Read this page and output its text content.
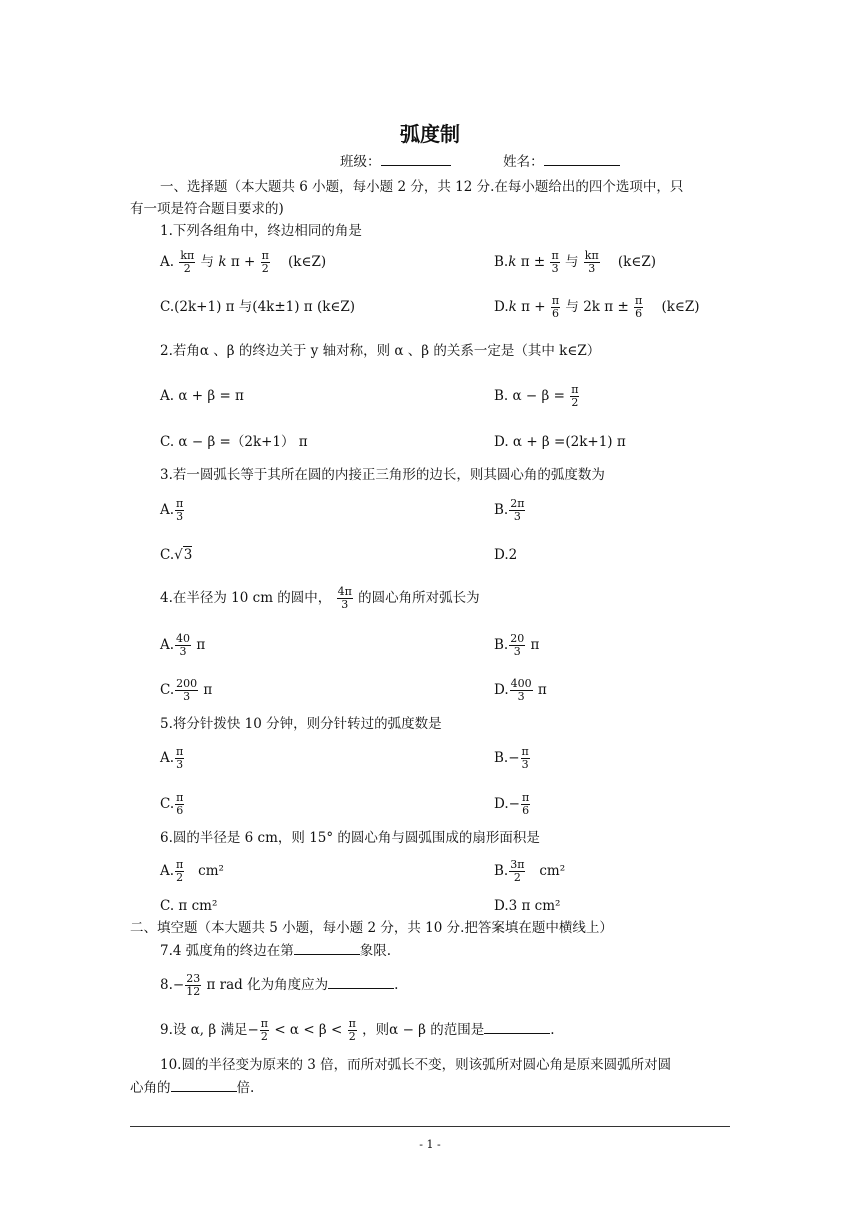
弧度制
班级：	姓名：
一、选择题（本大题共 6 小题，每小题 2 分，共 12 分.在每小题给出的四个选项中，只
有一项是符合题目要求的)
1.下列各组角中，终边相同的角是
A. $\frac{k\pi}{2}$ 与 k $\pi + \frac{\pi}{2}$ (k∈Z)	B.k $\pi \pm \frac{\pi}{3}$ 与 $\frac{k\pi}{3}$ (k∈Z)
C.(2k+1) π 与(4k±1) π (k∈Z)	D.k $\pi + \frac{\pi}{6}$ 与 2k $\pi \pm \frac{\pi}{6}$ (k∈Z)
2.若角α 、β 的终边关于 y 轴对称，则 α 、β 的关系一定是（其中 k∈Z）
A. α + β = π	B. $\alpha - \beta = \frac{\pi}{2}$
C. α − β =（2k+1） π	D. α + β =(2k+1) π
3.若一圆弧长等于其所在圆的内接正三角形的边长，则其圆心角的弧度数为
A. $\frac{\pi}{3}$	B. $\frac{2\pi}{3}$
C.√3	D.2
4.在半径为 10 cm 的圆中， $\frac{4\pi}{3}$ 的圆心角所对弧长为
A. $\frac{40}{3}$ π	B. $\frac{20}{3}$ π
C. $\frac{200}{3}$ π	D. $\frac{400}{3}$ π
5.将分针拨快 10 分钟，则分针转过的弧度数是
A. $\frac{\pi}{3}$	$B.- \frac{\pi}{3}$
C. $\frac{\pi}{6}$	$D.- \frac{\pi}{6}$
6.圆的半径是 6 cm，则 15° 的圆心角与圆弧围成的扇形面积是
A. $\frac{\pi}{2} cm^2$	B. $\frac{3\pi}{2} cm^2$
C. π cm²	D.3 π cm²
二、填空题（本大题共 5 小题，每小题 2 分，共 10 分.把答案填在题中横线上）
7.4 弧度角的终边在第	象限.
$8.- \frac{23}{12}$ π rad 化为角度应为	.
9.设 α, β 满足− $\frac{\pi}{2} < \alpha < \beta < \frac{\pi}{2}$ ，则α − β 的范围是	.
10.圆的半径变为原来的 3 倍，而所对弧长不变，则该弧所对圆心角是原来圆弧所对圆
心角的	倍.
- 1 -
